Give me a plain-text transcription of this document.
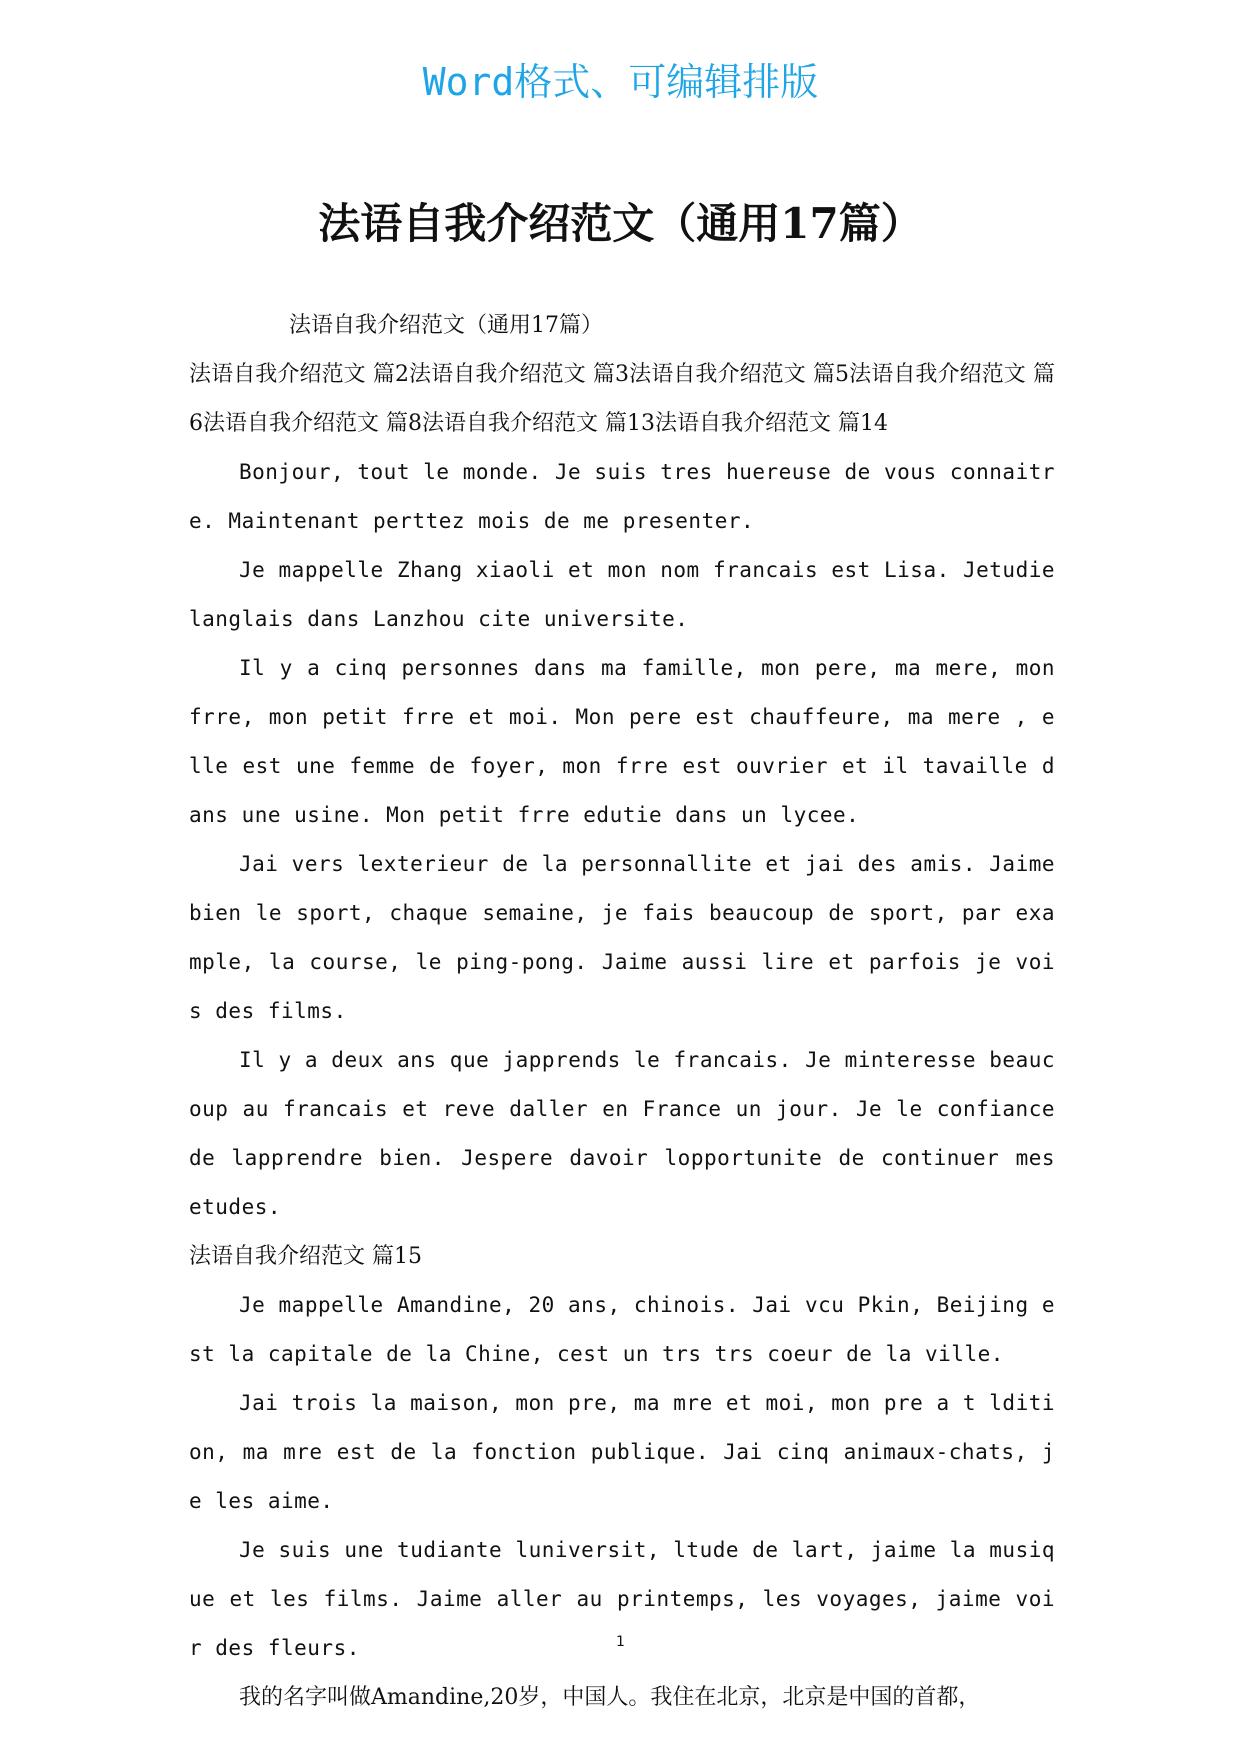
Word格式、可编辑排版
法语自我介绍范文（通用17篇）

法语自我介绍范文（通用17篇）

法语自我介绍范文 篇2法语自我介绍范文 篇3法语自我介绍范文 篇5法语自我介绍范文 篇6法语自我介绍范文 篇8法语自我介绍范文 篇13法语自我介绍范文 篇14

Bonjour, tout le monde. Je suis tres huereuse de vous connaitre. Maintenant perttez mois de me presenter.

Je mappelle Zhang xiaoli et mon nom francais est Lisa. Jetudie langlais dans Lanzhou cite universite.

Il y a cinq personnes dans ma famille, mon pere, ma mere, mon frre, mon petit frre et moi. Mon pere est chauffeure, ma mere , elle est une femme de foyer, mon frre est ouvrier et il tavaille dans une usine. Mon petit frre edutie dans un lycee.

Jai vers lexterieur de la personnallite et jai des amis. Jaime bien le sport, chaque semaine, je fais beaucoup de sport, par example, la course, le ping-pong. Jaime aussi lire et parfois je vois des films.

Il y a deux ans que japprends le francais. Je minteresse beaucoup au francais et reve daller en France un jour. Je le confiance de lapprendre bien. Jespere davoir lopportunite de continuer mes etudes.

法语自我介绍范文 篇15

Je mappelle Amandine, 20 ans, chinois. Jai vcu Pkin, Beijing est la capitale de la Chine, cest un trs trs coeur de la ville.

Jai trois la maison, mon pre, ma mre et moi, mon pre a t ldition, ma mre est de la fonction publique. Jai cinq animaux-chats, je les aime.

Je suis une tudiante luniversit, ltude de lart, jaime la musique et les films. Jaime aller au printemps, les voyages, jaime voir des fleurs.

我的名字叫做Amandine,20岁，中国人。我住在北京，北京是中国的首都，

1
